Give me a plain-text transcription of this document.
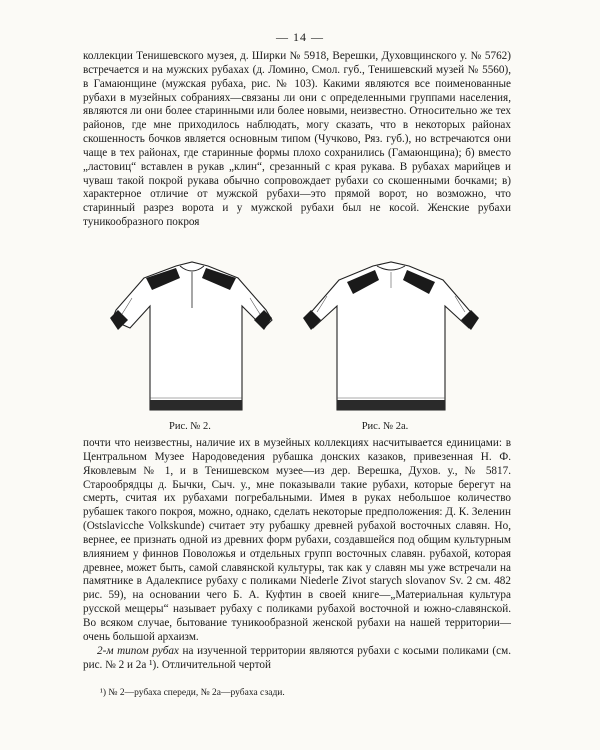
— 14 —

коллекции Тенишевского музея, д. Ширки № 5918, Верешки, Духовщинского у. № 5762) встречается и на мужских рубахах (д. Ломино, Смол. губ., Тенишевский музей № 5560), в Гамаюнщине (мужская рубаха, рис. № 103). Какими являются все поименованные рубахи в музейных собраниях—связаны ли они с определенными группами населения, являются ли они более старинными или более новыми, неизвестно. Относительно же тех районов, где мне приходилось наблюдать, могу сказать, что в некоторых районах скошенность бочков является основным типом (Чучково, Ряз. губ.), но встречаются они чаще в тех районах, где старинные формы плохо сохранились (Гамаюнщина); б) вместо „ластовиц“ вставлен в рукав „клин“, срезанный с края рукава. В рубахах марийцев и чуваш такой покрой рукава обычно сопровождает рубахи со скошенными бочками; в) характерное отличие от мужской рубахи—это прямой ворот, но возможно, что старинный разрез ворота и у мужской рубахи был не косой. Женские рубахи туникообразного покроя

Рис. № 2.	Рис. № 2а.

почти что неизвестны, наличие их в музейных коллекциях насчитывается единицами: в Центральном Музее Народоведения рубашка донских казаков, привезенная Н. Ф. Яковлевым № 1, и в Тенишевском музее—из дер. Верешка, Духов. у., № 5817. Старообрядцы д. Бычки, Сыч. у., мне показывали такие рубахи, которые берегут на смерть, считая их рубахами погребальными. Имея в руках небольшое количество рубашек такого покроя, можно, однако, сделать некоторые предположения: Д. К. Зеленин (Ostslavicche Volkskunde) считает эту рубашку древней рубахой восточных славян. Но, вернее, ее признать одной из древних форм рубахи, создавшейся под общим культурным влиянием у финнов Поволожья и отдельных групп восточных славян. рубахой, которая древнее, может быть, самой славянской культуры, так как у славян мы уже встречали на памятнике в Адалекписе рубаху с поликами Niederle Zivot starych slovanov Sv. 2 см. 482 рис. 59), на основании чего Б. А. Куфтин в своей книге—„Материальная культура русской мещеры“ называет рубаху с поликами рубахой восточной и южно-славянской. Во всяком случае, бытование туникообразной женской рубахи на нашей территории—очень большой архаизм.

2-м типом рубах на изученной территории являются рубахи с косыми поликами (см. рис. № 2 и 2а ¹). Отличительной чертой

¹) № 2—рубаха спереди, № 2а—рубаха сзади.
